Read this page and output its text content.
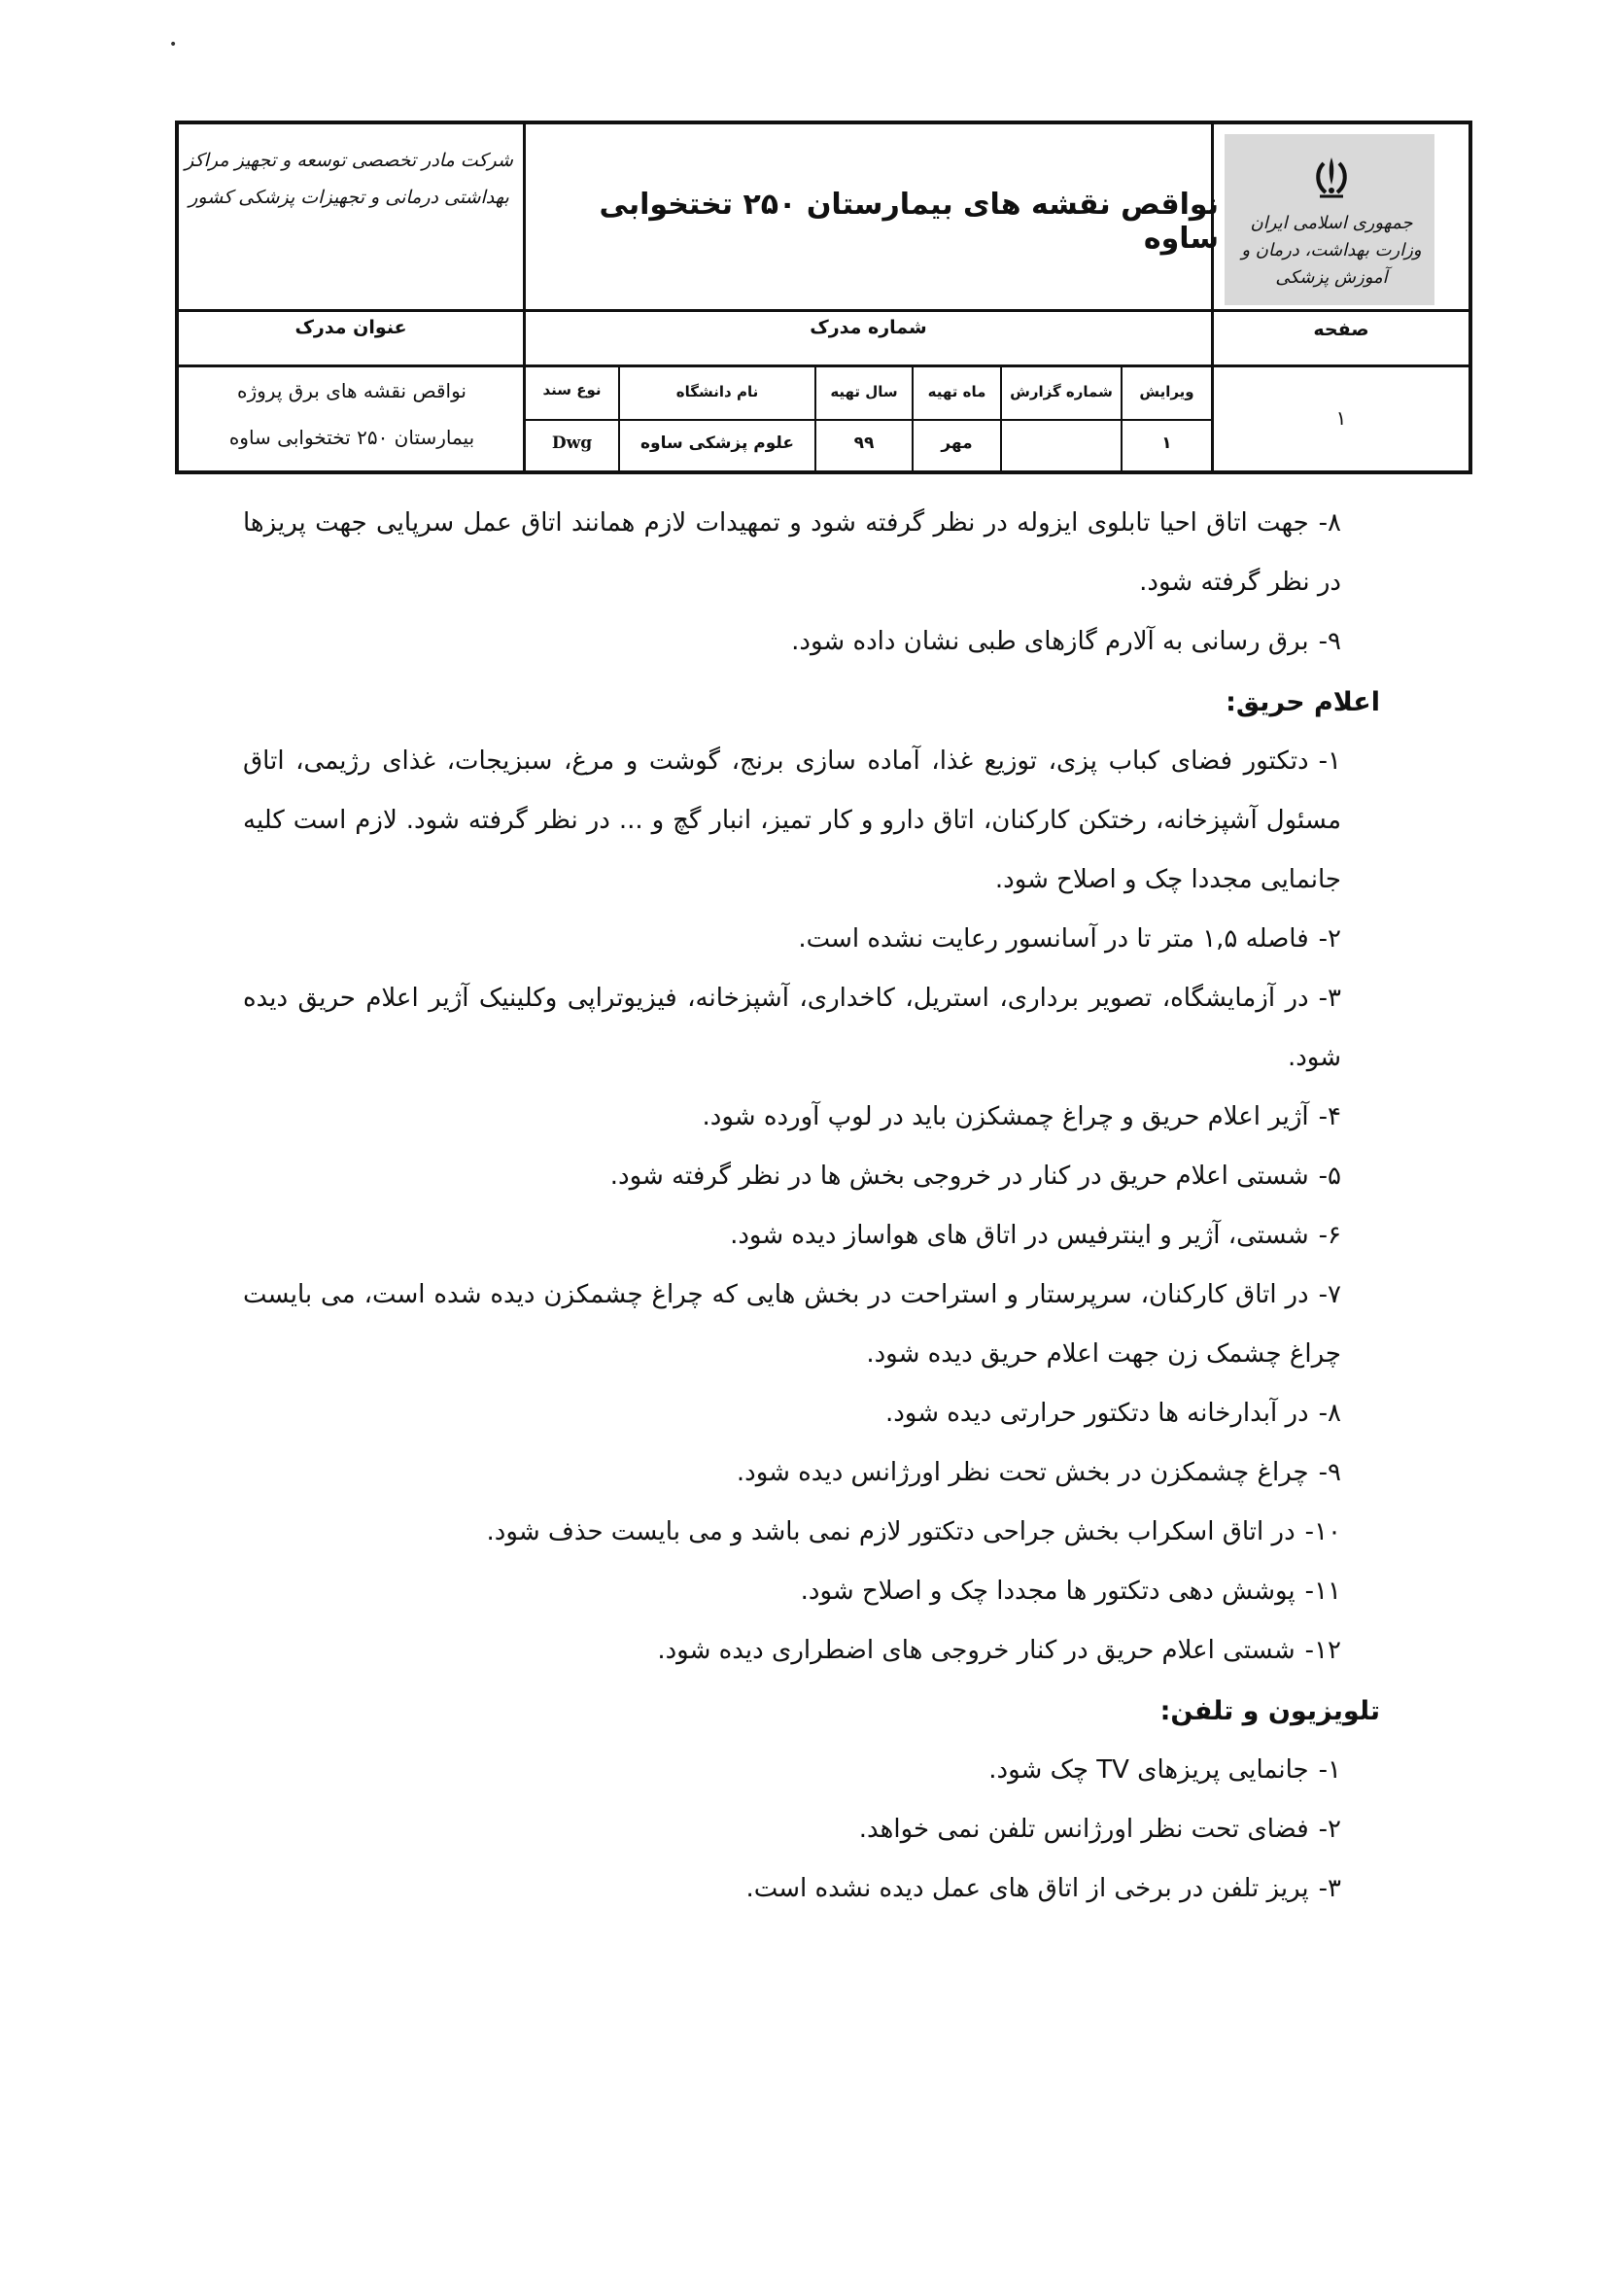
•
جمهوری اسلامی ایران
وزارت بهداشت، درمان و آموزش پزشکی
نواقص نقشه های بیمارستان ۲۵۰ تختخوابی ساوه
شرکت مادر تخصصی توسعه و تجهیز مراکز بهداشتی درمانی و تجهیزات پزشکی کشور
صفحه
شماره مدرک
عنوان مدرک
۱
ویرایش
شماره گزارش
ماه تهیه
سال تهیه
نام دانشگاه
نوع سند
۱
مهر
۹۹
علوم پزشکی ساوه
Dwg
نواقص نقشه های برق پروژه
بیمارستان ۲۵۰ تختخوابی ساوه
۸-جهت اتاق احیا تابلوی ایزوله در نظر گرفته شود و تمهیدات لازم همانند اتاق عمل سرپایی جهت پریزها در نظر گرفته شود.
۹-برق رسانی به آلارم گازهای طبی نشان داده شود.
اعلام حریق:
۱-دتکتور فضای کباب پزی، توزیع غذا، آماده سازی برنج، گوشت و مرغ، سبزیجات، غذای رژیمی، اتاق مسئول آشپزخانه، رختکن کارکنان، اتاق دارو و کار تمیز، انبار گچ و ... در نظر گرفته شود. لازم است کلیه جانمایی مجددا چک و اصلاح شود.
۲-فاصله ۱,۵ متر تا در آسانسور رعایت نشده است.
۳-در آزمایشگاه، تصویر برداری، استریل، کاخداری، آشپزخانه، فیزیوتراپی وکلینیک آژیر اعلام حریق دیده شود.
۴-آژیر اعلام حریق و چراغ چمشکزن باید در لوپ آورده شود.
۵-شستی اعلام حریق در کنار در خروجی بخش ها در نظر گرفته شود.
۶-شستی، آژیر و اینترفیس در اتاق های هواساز دیده شود.
۷-در اتاق کارکنان، سرپرستار و استراحت در بخش هایی که چراغ چشمکزن دیده شده است، می بایست چراغ چشمک زن جهت اعلام حریق دیده شود.
۸-در آبدارخانه ها دتکتور حرارتی دیده شود.
۹-چراغ چشمکزن در بخش تحت نظر اورژانس دیده شود.
۱۰-در اتاق اسکراب بخش جراحی دتکتور لازم نمی باشد و می بایست حذف شود.
۱۱-پوشش دهی دتکتور ها مجددا چک و اصلاح شود.
۱۲-شستی اعلام حریق در کنار خروجی های اضطراری دیده شود.
تلویزیون و تلفن:
۱-جانمایی پریزهای TV چک شود.
۲-فضای تحت نظر اورژانس تلفن نمی خواهد.
۳-پریز تلفن در برخی از اتاق های عمل دیده نشده است.
